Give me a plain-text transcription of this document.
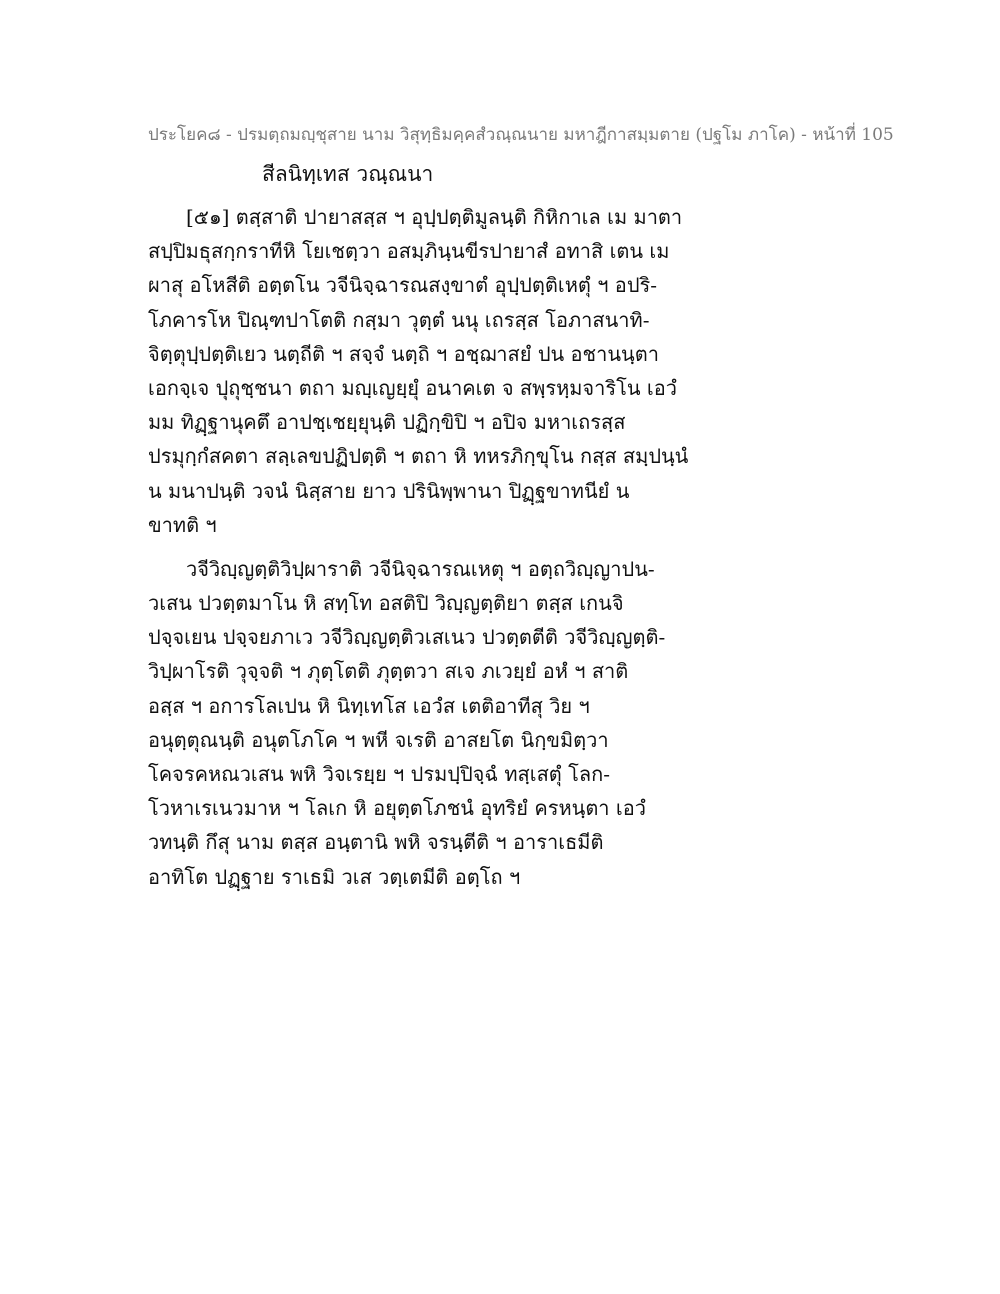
ประโยค๘ - ปรมตฺถมญฺชุสาย นาม วิสุทฺธิมคฺคสํวณฺณนาย มหาฎีกาสมฺมตาย (ปฐโม ภาโค) - หน้าที่ 105
สีลนิทฺเทส วณฺณนา
[๕๑] ตสฺสาติ ปายาสสฺส ฯ อุปฺปตฺติมูลนฺติ กิหิกาเล เม มาตา
สปฺปิมธุสกฺกราทีหิ โยเชตฺวา อสมฺภินฺนขีรปายาสํ อทาสิ เตน เม
ผาสุ อโหสีติ อตฺตโน วจีนิจฺฉารณสงฺขาตํ อุปฺปตฺติเหตุํ ฯ อปริ-
โภคารโห ปิณฺฑปาโตติ กสฺมา วุตฺตํ นนุ เถรสฺส โอภาสนาทิ-
จิตฺตุปฺปตฺติเยว นตฺถีติ ฯ สจฺจํ นตฺถิ ฯ อชฺฌาสยํ ปน อชานนฺตา
เอกจฺเจ ปุถุชฺชนา ตถา มญฺเญยฺยุํ อนาคเต จ สพฺรหฺมจาริโน เอวํ
มม ทิฏฺฐานุคตึ อาปชฺเชยฺยุนฺติ ปฏิกฺขิปิ ฯ อปิจ มหาเถรสฺส
ปรมุกฺกํสคตา สลฺเลขปฏิปตฺติ ฯ ตถา หิ ทหรภิกฺขุโน กสฺส สมฺปนฺนํ
น มนาปนฺติ วจนํ นิสฺสาย ยาว ปรินิพฺพานา ปิฏฺฐขาทนียํ น
ขาทติ ฯ
วจีวิญฺญตฺติวิปฺผาราติ วจีนิจฺฉารณเหตุ ฯ อตฺถวิญฺญาปน-
วเสน ปวตฺตมาโน หิ สทฺโท อสติปิ วิญฺญตฺติยา ตสฺส เกนจิ
ปจฺจเยน ปจฺจยภาเว วจีวิญฺญตฺติวเสเนว ปวตฺตตีติ วจีวิญฺญตฺติ-
วิปฺผาโรติ วุจฺจติ ฯ ภุตฺโตติ ภุตฺตวา สเจ ภเวยฺยํ อหํ ฯ สาติ
อสฺส ฯ อการโลเปน หิ นิทฺเทโส เอวํส เตติอาทีสุ วิย ฯ
อนุตฺตุณนฺติ อนุตโภโค ฯ พหี จเรติ อาสยโต นิกฺขมิตฺวา
โคจรคหณวเสน พหิ วิจเรยฺย ฯ ปรมปฺปิจฺฉํ ทสฺเสตุํ โลก-
โวหาเรเนวมาห ฯ โลเก หิ อยุตฺตโภชนํ อุทริยํ ครหนฺตา เอวํ
วทนฺติ กึสุ นาม ตสฺส อนฺตานิ พหิ จรนฺตีติ ฯ อาราเธมีติ
อาทิโต ปฏฺฐาย ราเธมิ วเส วตฺเตมีติ อตฺโถ ฯ
